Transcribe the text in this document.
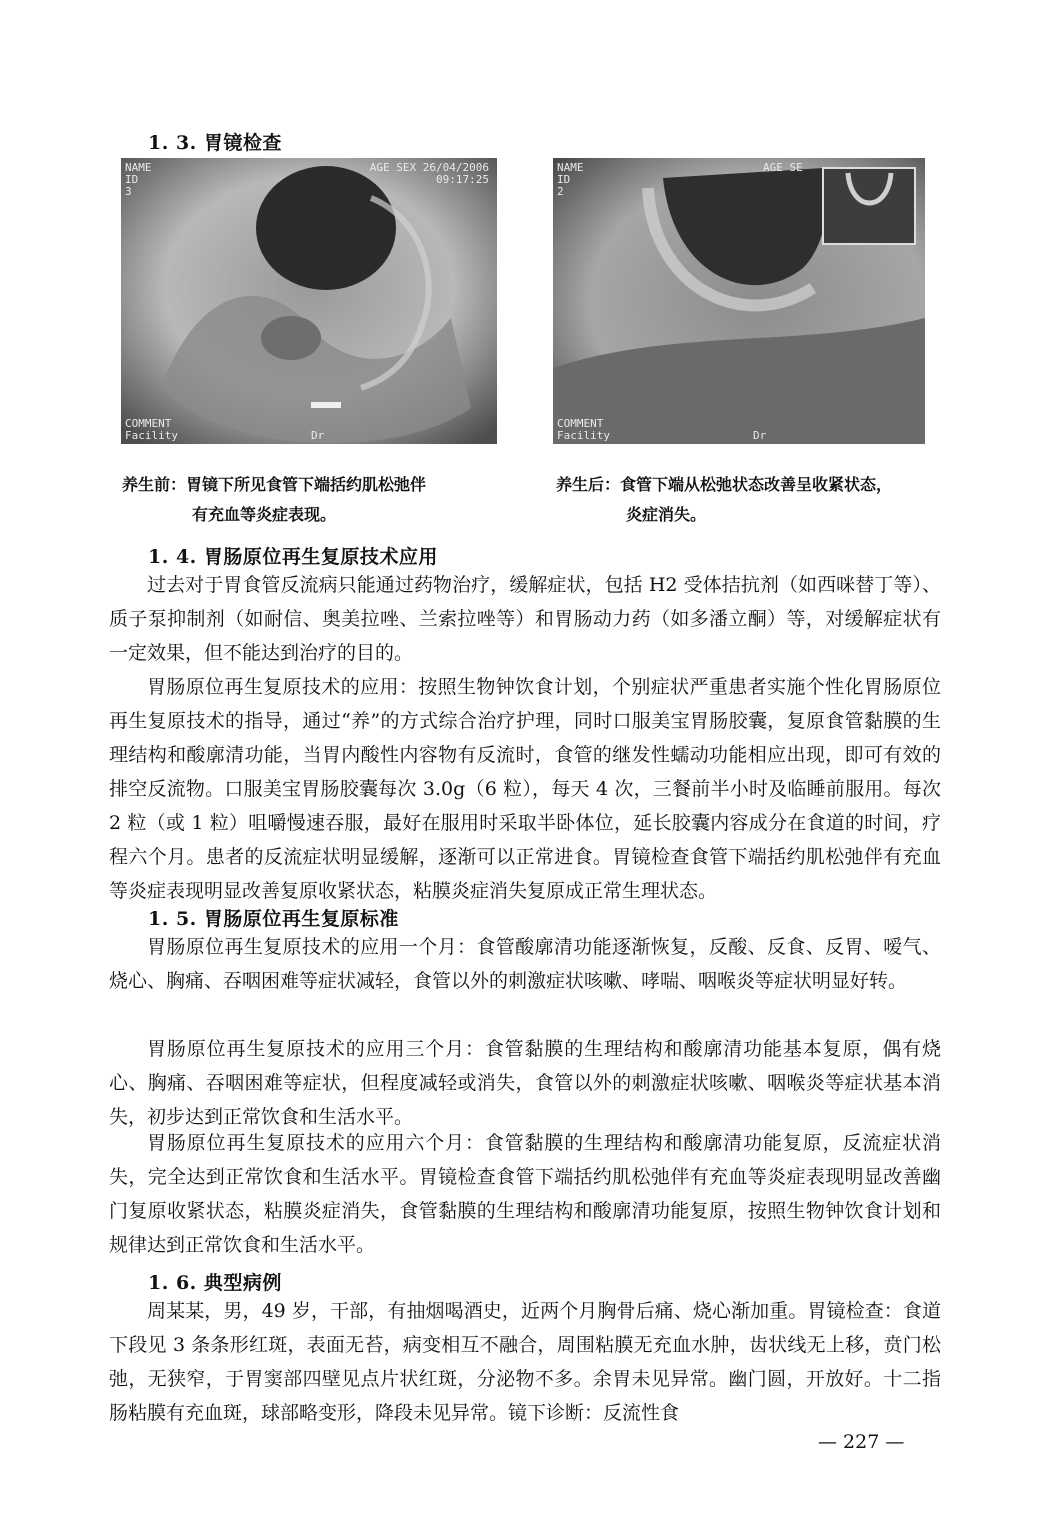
1. 3. 胃镜检查
NAME
ID
3
AGE SEX 26/04/2006
09:17:25
COMMENT
Facility	Dr
NAME
ID
2
AGE SE
COMMENT
Facility	Dr
养生前：胃镜下所见食管下端括约肌松弛伴
有充血等炎症表现。
养生后：食管下端从松弛状态改善呈收紧状态，
炎症消失。
1. 4. 胃肠原位再生复原技术应用
过去对于胃食管反流病只能通过药物治疗，缓解症状，包括 H2 受体拮抗剂（如西咪替丁等）、质子泵抑制剂（如耐信、奥美拉唑、兰索拉唑等）和胃肠动力药（如多潘立酮）等，对缓解症状有一定效果，但不能达到治疗的目的。
胃肠原位再生复原技术的应用：按照生物钟饮食计划，个别症状严重患者实施个性化胃肠原位再生复原技术的指导，通过“养”的方式综合治疗护理，同时口服美宝胃肠胶囊，复原食管黏膜的生理结构和酸廓清功能，当胃内酸性内容物有反流时，食管的继发性蠕动功能相应出现，即可有效的排空反流物。口服美宝胃肠胶囊每次 3.0g（6 粒），每天 4 次，三餐前半小时及临睡前服用。每次 2 粒（或 1 粒）咀嚼慢速吞服，最好在服用时采取半卧体位，延长胶囊内容成分在食道的时间，疗程六个月。患者的反流症状明显缓解，逐渐可以正常进食。胃镜检查食管下端括约肌松弛伴有充血等炎症表现明显改善复原收紧状态，粘膜炎症消失复原成正常生理状态。
1. 5. 胃肠原位再生复原标准
胃肠原位再生复原技术的应用一个月：食管酸廓清功能逐渐恢复，反酸、反食、反胃、嗳气、烧心、胸痛、吞咽困难等症状减轻，食管以外的刺激症状咳嗽、哮喘、咽喉炎等症状明显好转。
胃肠原位再生复原技术的应用三个月：食管黏膜的生理结构和酸廓清功能基本复原，偶有烧心、胸痛、吞咽困难等症状，但程度减轻或消失，食管以外的刺激症状咳嗽、咽喉炎等症状基本消失，初步达到正常饮食和生活水平。
胃肠原位再生复原技术的应用六个月：食管黏膜的生理结构和酸廓清功能复原，反流症状消失，完全达到正常饮食和生活水平。胃镜检查食管下端括约肌松弛伴有充血等炎症表现明显改善幽门复原收紧状态，粘膜炎症消失，食管黏膜的生理结构和酸廓清功能复原，按照生物钟饮食计划和规律达到正常饮食和生活水平。
1. 6. 典型病例
周某某，男，49 岁，干部，有抽烟喝酒史，近两个月胸骨后痛、烧心渐加重。胃镜检查：食道下段见 3 条条形红斑，表面无苔，病变相互不融合，周围粘膜无充血水肿，齿状线无上移，贲门松弛，无狭窄，于胃窦部四壁见点片状红斑，分泌物不多。余胃未见异常。幽门圆，开放好。十二指肠粘膜有充血斑，球部略变形，降段未见异常。镜下诊断：反流性食
— 227 —
